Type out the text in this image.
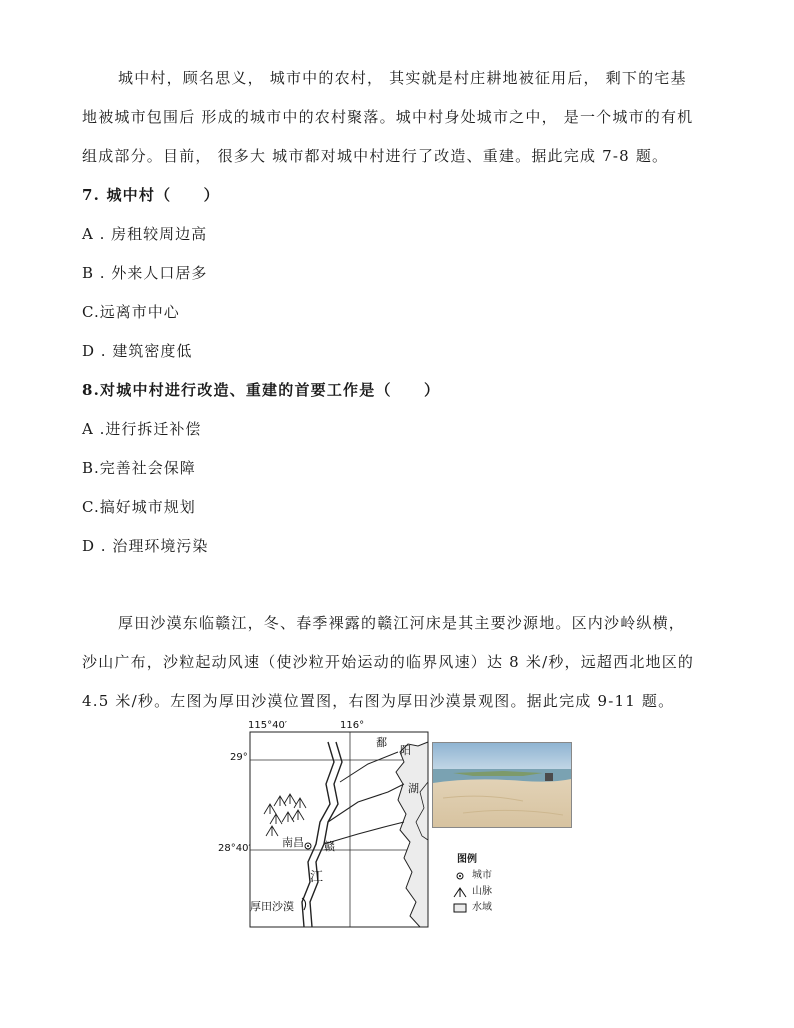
城中村，顾名思义， 城市中的农村， 其实就是村庄耕地被征用后， 剩下的宅基
地被城市包围后 形成的城市中的农村聚落。城中村身处城市之中， 是一个城市的有机
组成部分。目前， 很多大 城市都对城中村进行了改造、重建。据此完成 7-8 题。
7. 城中村（　　）
A . 房租较周边高
B . 外来人口居多
C.远离市中心
D . 建筑密度低
8.对城中村进行改造、重建的首要工作是（　　）
A .进行拆迁补偿
B.完善社会保障
C.搞好城市规划
D . 治理环境污染
厚田沙漠东临赣江，冬、春季裸露的赣江河床是其主要沙源地。区内沙岭纵横，
沙山广布，沙粒起动风速（使沙粒开始运动的临界风速）达 8 米/秒，远超西北地区的
4.5 米/秒。左图为厚田沙漠位置图，右图为厚田沙漠景观图。据此完成 9-11 题。
115°40′	116°
29°
28°40′
鄱
阳
湖
南昌 赣
江
厚田沙漠
图例
城市
山脉
水域
